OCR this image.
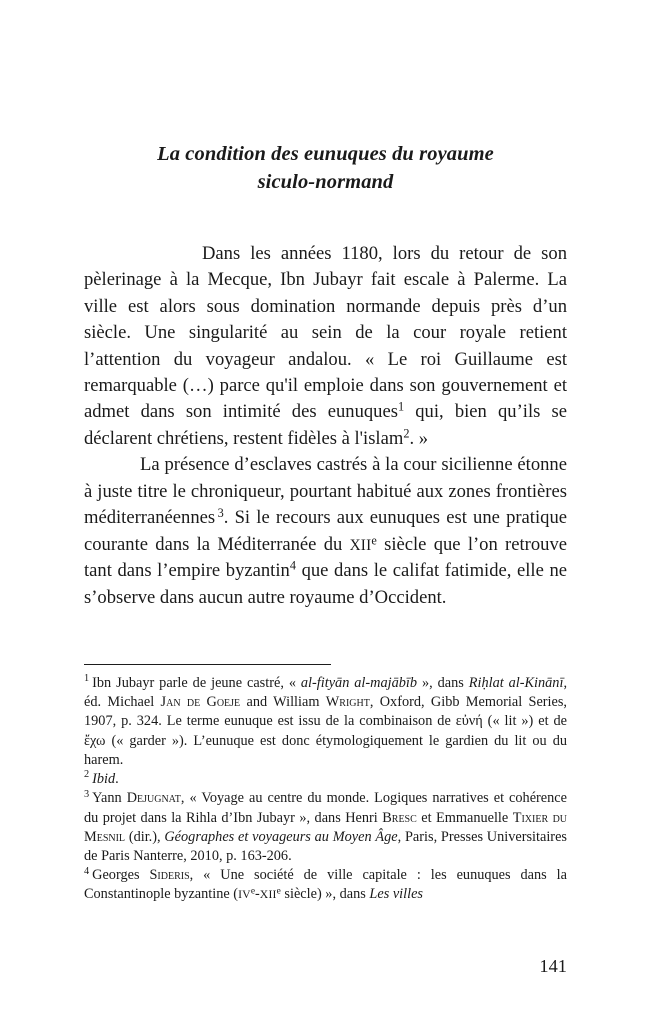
La condition des eunuques du royaume
siculo-normand

Dans les années 1180, lors du retour de son pèlerinage à la Mecque, Ibn Jubayr fait escale à Palerme. La ville est alors sous domination normande depuis près d’un siècle. Une singularité au sein de la cour royale retient l’attention du voyageur andalou. « Le roi Guillaume est remarquable (…) parce qu'il emploie dans son gouvernement et admet dans son intimité des eunuques$^1$ qui, bien qu’ils se déclarent chrétiens, restent fidèles à l'islam$^2$. »

La présence d’esclaves castrés à la cour sicilienne étonne à juste titre le chroniqueur, pourtant habitué aux zones frontières méditerranéennes $^3$. Si le recours aux eunuques est une pratique courante dans la Méditerranée du XIIe siècle que l’on retrouve tant dans l’empire byzantin$^4$ que dans le califat fatimide, elle ne s’observe dans aucun autre royaume d’Occident.

$^1$ Ibn Jubayr parle de jeune castré, « al-fityān al-majābīb », dans Riḥlat al-Kinānī, éd. Michael Jan de Goeje and William Wright, Oxford, Gibb Memorial Series, 1907, p. 324. Le terme eunuque est issu de la combinaison de εὐνή (« lit ») et de ἔχω (« garder »). L’eunuque est donc étymologiquement le gardien du lit ou du harem.

$^2$ Ibid.

$^3$ Yann Dejugnat, « Voyage au centre du monde. Logiques narratives et cohérence du projet dans la Rihla d’Ibn Jubayr », dans Henri Bresc et Emmanuelle Tixier du Mesnil (dir.), Géographes et voyageurs au Moyen Âge, Paris, Presses Universitaires de Paris Nanterre, 2010, p. 163-206.

$^4$ Georges Sideris, « Une société de ville capitale : les eunuques dans la Constantinople byzantine (IVe-XIIe siècle) », dans Les villes

141
